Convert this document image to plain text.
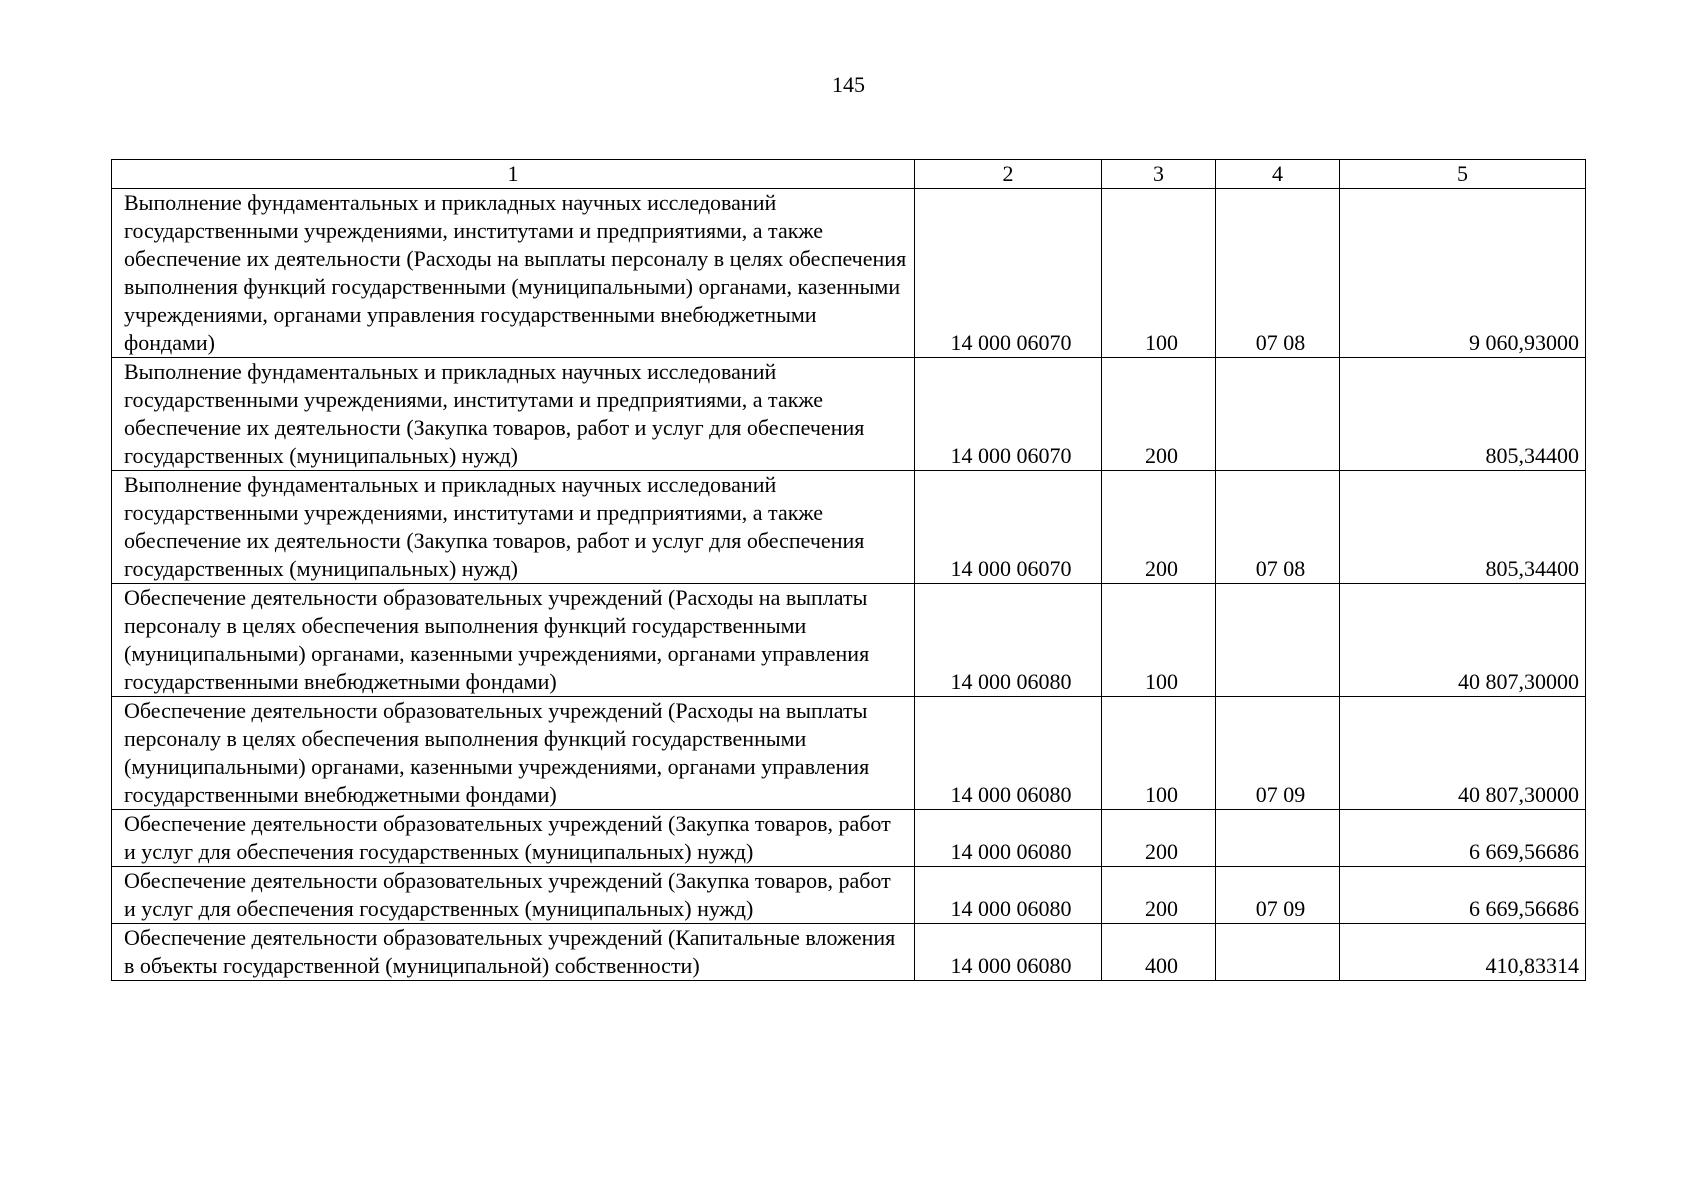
145
1	2	3	4	5
Выполнение фундаментальных и прикладных научных исследований государственными учреждениями, институтами и предприятиями, а также обеспечение их деятельности (Расходы на выплаты персоналу в целях обеспечения выполнения функций государственными (муниципальными) органами, казенными учреждениями, органами управления государственными внебюджетными фондами)	14 000 06070	100	07 08	9 060,93000
Выполнение фундаментальных и прикладных научных исследований государственными учреждениями, институтами и предприятиями, а также обеспечение их деятельности (Закупка товаров, работ и услуг для обеспечения государственных (муниципальных) нужд)	14 000 06070	200		805,34400
Выполнение фундаментальных и прикладных научных исследований государственными учреждениями, институтами и предприятиями, а также обеспечение их деятельности (Закупка товаров, работ и услуг для обеспечения государственных (муниципальных) нужд)	14 000 06070	200	07 08	805,34400
Обеспечение деятельности образовательных учреждений (Расходы на выплаты персоналу в целях обеспечения выполнения функций государственными (муниципальными) органами, казенными учреждениями, органами управления государственными внебюджетными фондами)	14 000 06080	100		40 807,30000
Обеспечение деятельности образовательных учреждений (Расходы на выплаты персоналу в целях обеспечения выполнения функций государственными (муниципальными) органами, казенными учреждениями, органами управления государственными внебюджетными фондами)	14 000 06080	100	07 09	40 807,30000
Обеспечение деятельности образовательных учреждений (Закупка товаров, работ и услуг для обеспечения государственных (муниципальных) нужд)	14 000 06080	200		6 669,56686
Обеспечение деятельности образовательных учреждений (Закупка товаров, работ и услуг для обеспечения государственных (муниципальных) нужд)	14 000 06080	200	07 09	6 669,56686
Обеспечение деятельности образовательных учреждений (Капитальные вложения в объекты государственной (муниципальной) собственности)	14 000 06080	400		410,83314
